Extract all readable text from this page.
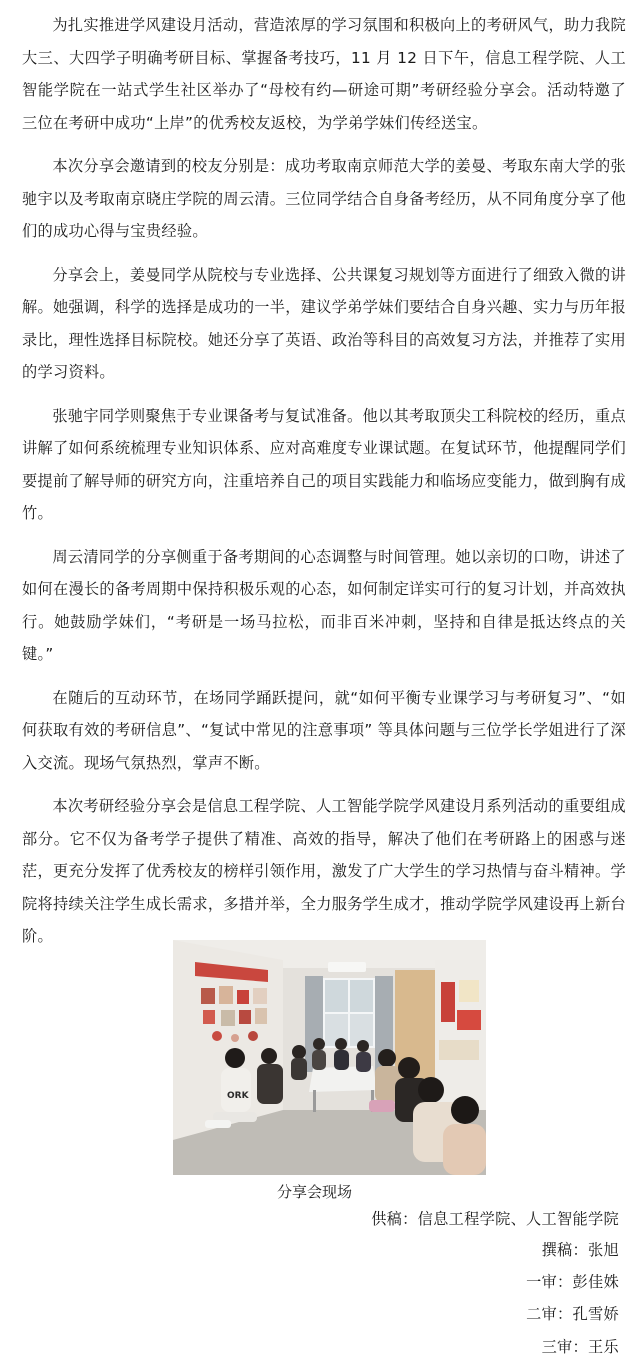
为扎实推进学风建设月活动，营造浓厚的学习氛围和积极向上的考研风气，助力我院大三、大四学子明确考研目标、掌握备考技巧，11 月 12 日下午，信息工程学院、人工智能学院在一站式学生社区举办了“母校有约—研途可期”考研经验分享会。活动特邀了三位在考研中成功“上岸”的优秀校友返校，为学弟学妹们传经送宝。

本次分享会邀请到的校友分别是：成功考取南京师范大学的姜曼、考取东南大学的张驰宇以及考取南京晓庄学院的周云清。三位同学结合自身备考经历，从不同角度分享了他们的成功心得与宝贵经验。

分享会上，姜曼同学从院校与专业选择、公共课复习规划等方面进行了细致入微的讲解。她强调，科学的选择是成功的一半，建议学弟学妹们要结合自身兴趣、实力与历年报录比，理性选择目标院校。她还分享了英语、政治等科目的高效复习方法，并推荐了实用的学习资料。

张驰宇同学则聚焦于专业课备考与复试准备。他以其考取顶尖工科院校的经历，重点讲解了如何系统梳理专业知识体系、应对高难度专业课试题。在复试环节，他提醒同学们要提前了解导师的研究方向，注重培养自己的项目实践能力和临场应变能力，做到胸有成竹。

周云清同学的分享侧重于备考期间的心态调整与时间管理。她以亲切的口吻，讲述了如何在漫长的备考周期中保持积极乐观的心态，如何制定详实可行的复习计划，并高效执行。她鼓励学妹们，“考研是一场马拉松，而非百米冲刺，坚持和自律是抵达终点的关键。”

在随后的互动环节，在场同学踊跃提问，就“如何平衡专业课学习与考研复习”、“如何获取有效的考研信息”、“复试中常见的注意事项” 等具体问题与三位学长学姐进行了深入交流。现场气氛热烈，掌声不断。

本次考研经验分享会是信息工程学院、人工智能学院学风建设月系列活动的重要组成部分。它不仅为备考学子提供了精准、高效的指导，解决了他们在考研路上的困惑与迷茫，更充分发挥了优秀校友的榜样引领作用，激发了广大学生的学习热情与奋斗精神。学院将持续关注学生成长需求，多措并举，全力服务学生成才，推动学院学风建设再上新台阶。

ORK
分享会现场
供稿：信息工程学院、人工智能学院
撰稿：张旭
一审：彭佳姝
二审：孔雪娇
三审：王乐
